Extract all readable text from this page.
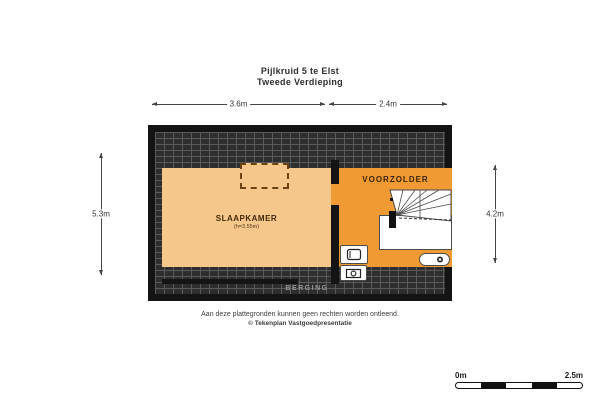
Pijlkruid 5 te Elst
Tweede Verdieping
3.6m	2.4m
5.3m	4.2m
SLAAPKAMER
(h=3.55m)
VOORZOLDER
BERGING
Aan deze plattegronden kunnen geen rechten worden ontleend.
© Tekenplan Vastgoedpresentatie
0m	2.5m
